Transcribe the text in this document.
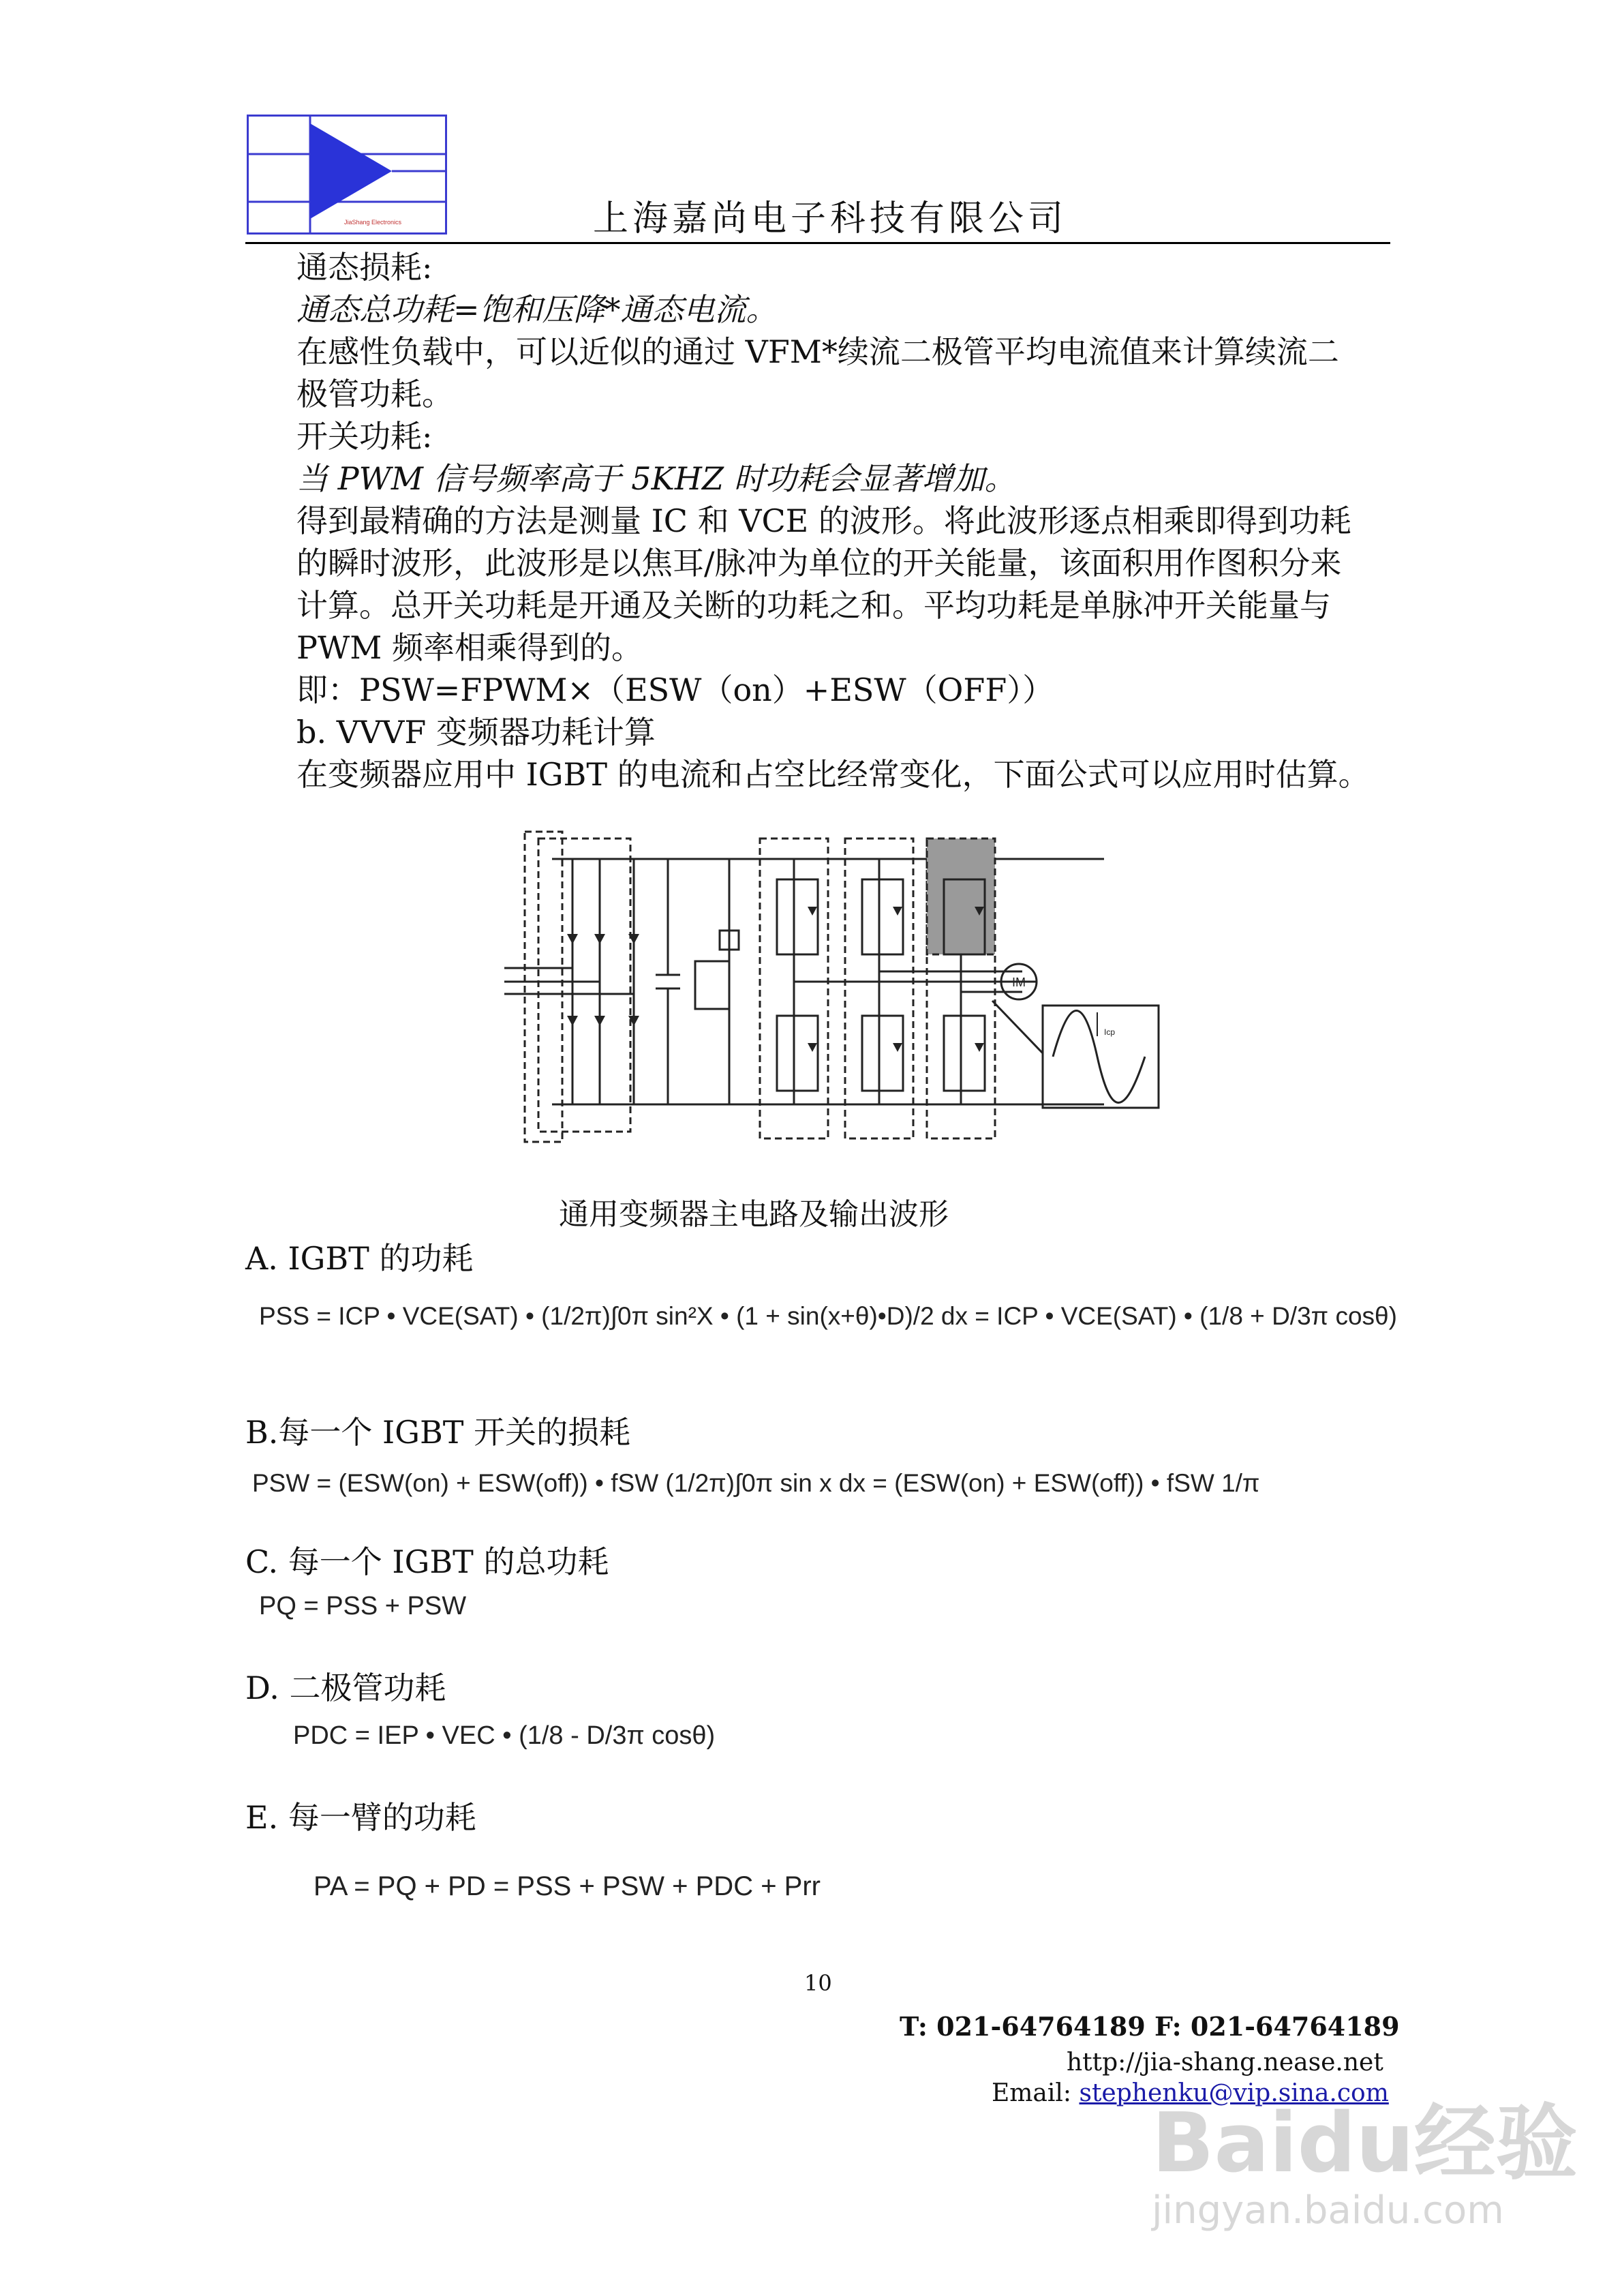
JiaShang Electronics	上海嘉尚电子科技有限公司
通态损耗:
通态总功耗=饱和压降*通态电流。
在感性负载中，可以近似的通过 VFM*续流二极管平均电流值来计算续流二
极管功耗。
开关功耗:
当 PWM 信号频率高于 5KHZ 时功耗会显著增加。
得到最精确的方法是测量 IC 和 VCE 的波形。将此波形逐点相乘即得到功耗
的瞬时波形，此波形是以焦耳/脉冲为单位的开关能量，该面积用作图积分来
计算。总开关功耗是开通及关断的功耗之和。平均功耗是单脉冲开关能量与
PWM 频率相乘得到的。
即：PSW=FPWM×（ESW（on）+ESW（OFF））
b. VVVF 变频器功耗计算
在变频器应用中 IGBT 的电流和占空比经常变化，下面公式可以应用时估算。
IM
Icp
通用变频器主电路及输出波形
A. IGBT 的功耗
PSS = ICP • VCE(SAT) • (1/2π)∫0π sin²X • (1 + sin(x+θ)•D)/2 dx = ICP • VCE(SAT) • (1/8 + D/3π cosθ)
B.每一个 IGBT 开关的损耗
PSW = (ESW(on) + ESW(off)) • fSW (1/2π)∫0π sin x dx = (ESW(on) + ESW(off)) • fSW 1/π
C. 每一个 IGBT 的总功耗
PQ = PSS + PSW
D. 二极管功耗
PDC = IEP • VEC • (1/8 - D/3π cosθ)
E. 每一臂的功耗
PA = PQ + PD = PSS + PSW + PDC + Prr
10
T: 021-64764189 F: 021-64764189
http://jia-shang.nease.net
Email: stephenku@vip.sina.com
Baidu经验
jingyan.baidu.com
